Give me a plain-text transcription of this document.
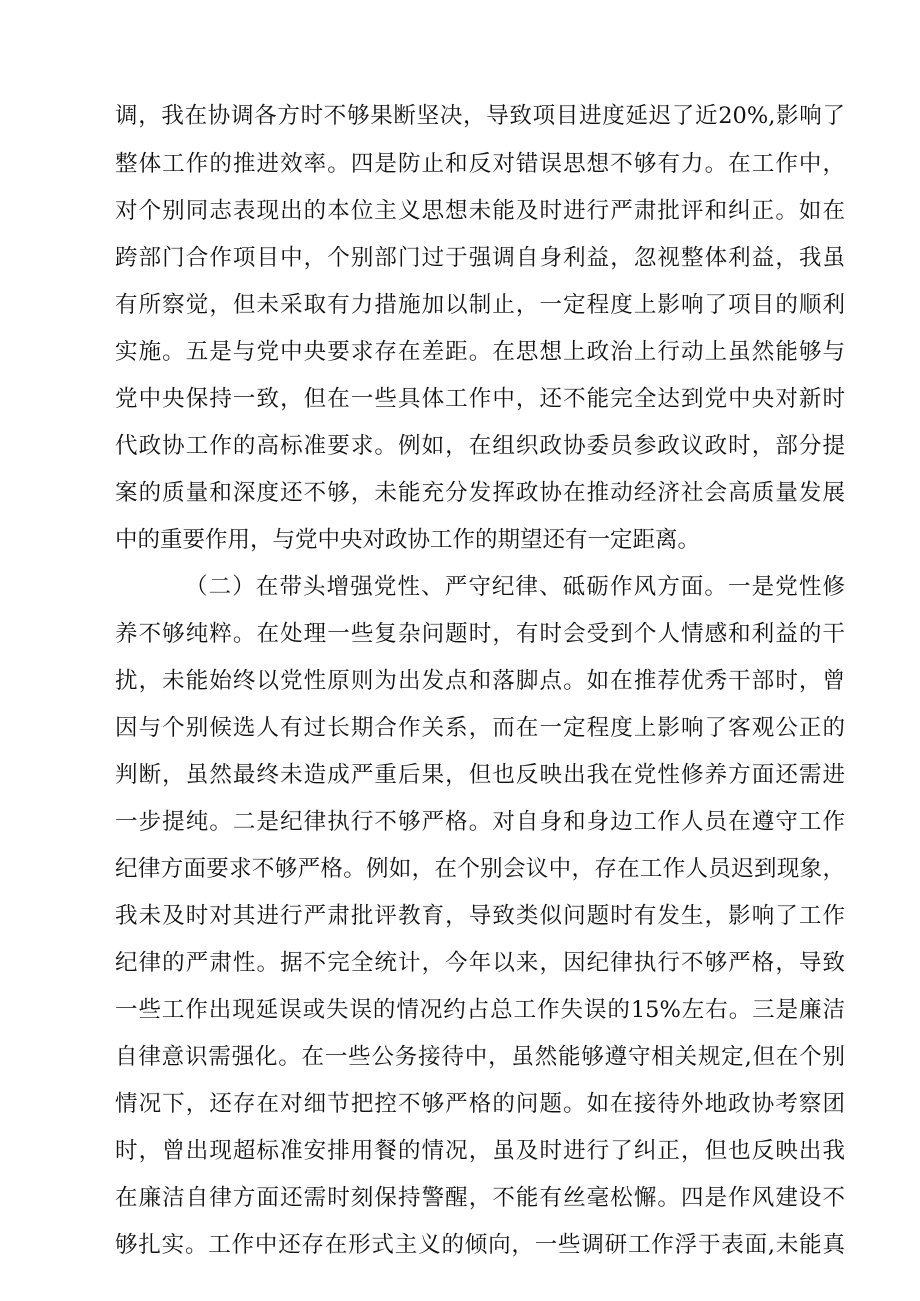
调，我在协调各方时不够果断坚决，导致项目进度延迟了近20%,影响了
整体工作的推进效率。四是防止和反对错误思想不够有力。在工作中，
对个别同志表现出的本位主义思想未能及时进行严肃批评和纠正。如在
跨部门合作项目中，个别部门过于强调自身利益，忽视整体利益，我虽
有所察觉，但未采取有力措施加以制止，一定程度上影响了项目的顺利
实施。五是与党中央要求存在差距。在思想上政治上行动上虽然能够与
党中央保持一致，但在一些具体工作中，还不能完全达到党中央对新时
代政协工作的高标准要求。例如，在组织政协委员参政议政时，部分提
案的质量和深度还不够，未能充分发挥政协在推动经济社会高质量发展
中的重要作用，与党中央对政协工作的期望还有一定距离。
（二）在带头增强党性、严守纪律、砥砺作风方面。一是党性修
养不够纯粹。在处理一些复杂问题时，有时会受到个人情感和利益的干
扰，未能始终以党性原则为出发点和落脚点。如在推荐优秀干部时，曾
因与个别候选人有过长期合作关系，而在一定程度上影响了客观公正的
判断，虽然最终未造成严重后果，但也反映出我在党性修养方面还需进
一步提纯。二是纪律执行不够严格。对自身和身边工作人员在遵守工作
纪律方面要求不够严格。例如，在个别会议中，存在工作人员迟到现象，
我未及时对其进行严肃批评教育，导致类似问题时有发生，影响了工作
纪律的严肃性。据不完全统计，今年以来，因纪律执行不够严格，导致
一些工作出现延误或失误的情况约占总工作失误的15%左右。三是廉洁
自律意识需强化。在一些公务接待中，虽然能够遵守相关规定,但在个别
情况下，还存在对细节把控不够严格的问题。如在接待外地政协考察团
时，曾出现超标准安排用餐的情况，虽及时进行了纠正，但也反映出我
在廉洁自律方面还需时刻保持警醒，不能有丝毫松懈。四是作风建设不
够扎实。工作中还存在形式主义的倾向，一些调研工作浮于表面,未能真
